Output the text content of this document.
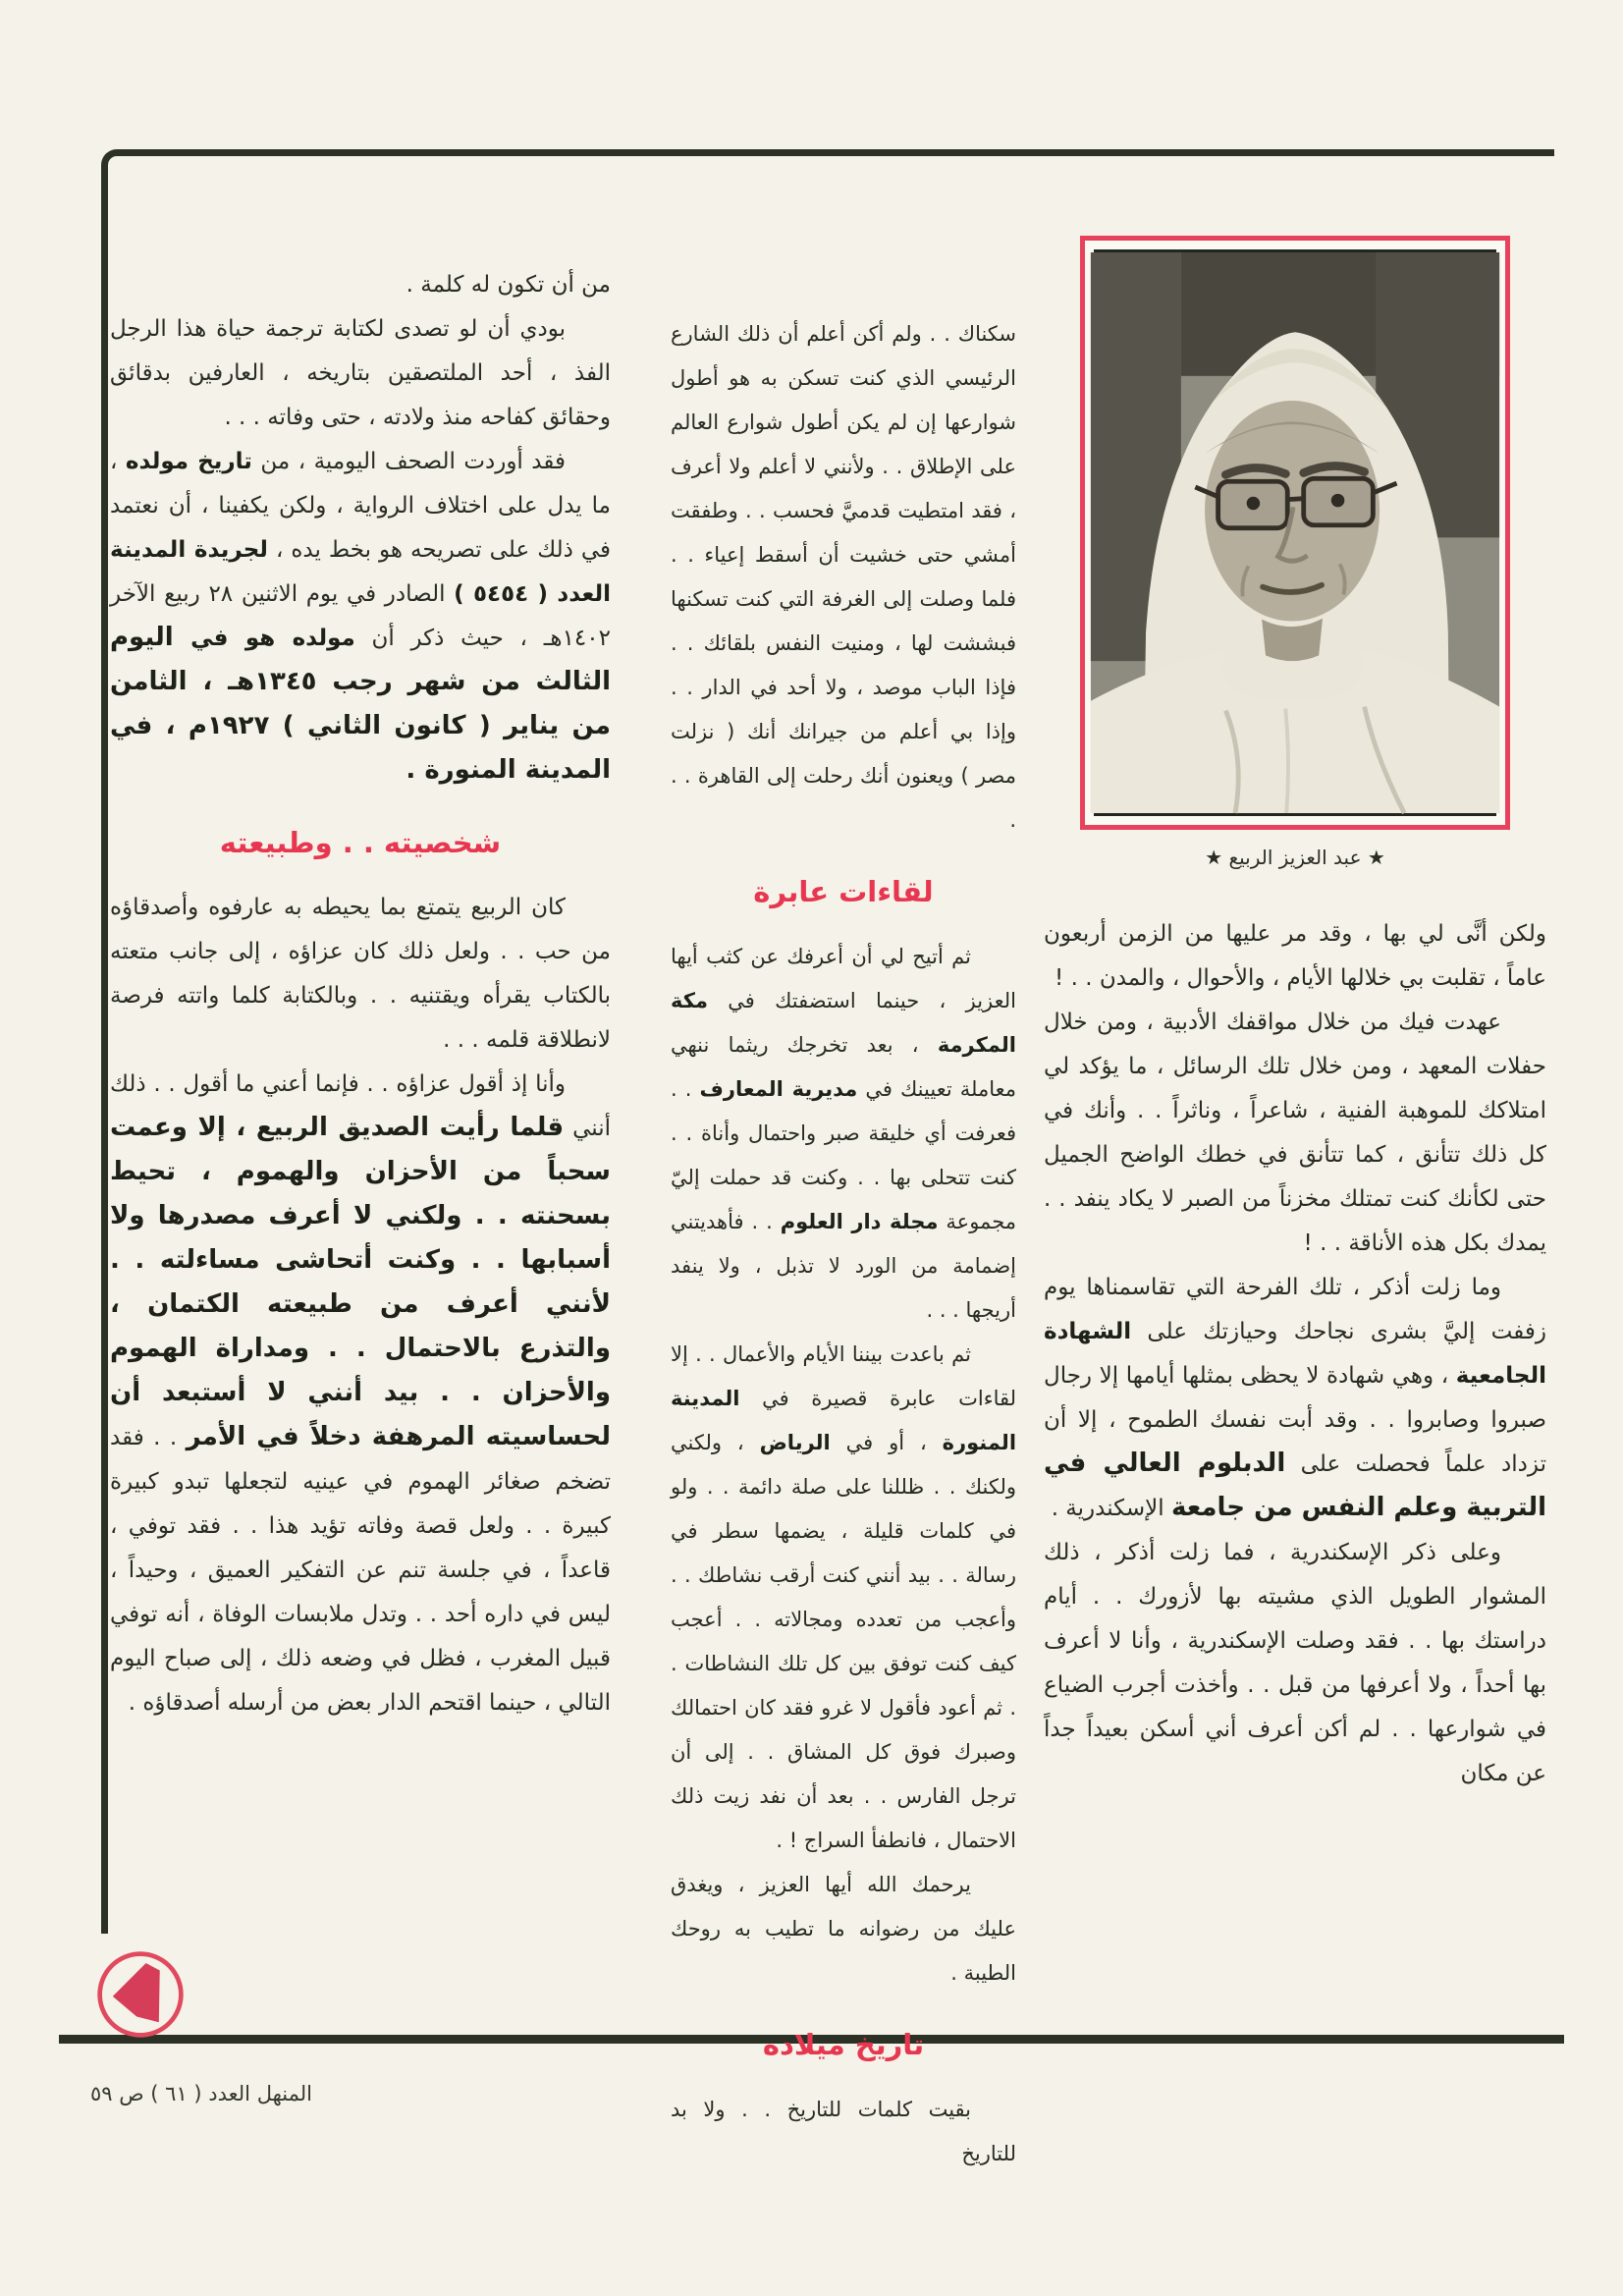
★ عبد العزيز الربيع ★

ولكن أنَّى لي بها ، وقد مر عليها من الزمن أربعون عاماً ، تقلبت بي خلالها الأيام ، والأحوال ، والمدن . . !

عهدت فيك من خلال مواقفك الأدبية ، ومن خلال حفلات المعهد ، ومن خلال تلك الرسائل ، ما يؤكد لي امتلاكك للموهبة الفنية ، شاعراً ، وناثراً . . وأنك في كل ذلك تتأنق ، كما تتأنق في خطك الواضح الجميل حتى لكأنك كنت تمتلك مخزناً من الصبر لا يكاد ينفد . . يمدك بكل هذه الأناقة . . !

وما زلت أذكر ، تلك الفرحة التي تقاسمناها يوم زففت إليَّ بشرى نجاحك وحيازتك على الشهادة الجامعية ، وهي شهادة لا يحظى بمثلها أيامها إلا رجال صبروا وصابروا . . وقد أبت نفسك الطموح ، إلا أن تزداد علماً فحصلت على الدبلوم العالي في التربية وعلم النفس من جامعة الإسكندرية .

وعلى ذكر الإسكندرية ، فما زلت أذكر ، ذلك المشوار الطويل الذي مشيته بها لأزورك . . أيام دراستك بها . . فقد وصلت الإسكندرية ، وأنا لا أعرف بها أحداً ، ولا أعرفها من قبل . . وأخذت أجرب الضياع في شوارعها . . لم أكن أعرف أني أسكن بعيداً جداً عن مكان

سكناك . . ولم أكن أعلم أن ذلك الشارع الرئيسي الذي كنت تسكن به هو أطول شوارعها إن لم يكن أطول شوارع العالم على الإطلاق . . ولأنني لا أعلم ولا أعرف ، فقد امتطيت قدميَّ فحسب . . وطفقت أمشي حتى خشيت أن أسقط إعياء . . فلما وصلت إلى الغرفة التي كنت تسكنها فبششت لها ، ومنيت النفس بلقائك . . فإذا الباب موصد ، ولا أحد في الدار . . وإذا بي أعلم من جيرانك أنك ( نزلت مصر ) ويعنون أنك رحلت إلى القاهرة . . .

لقاءات عابرة

ثم أتيح لي أن أعرفك عن كثب أيها العزيز ، حينما استضفتك في مكة المكرمة ، بعد تخرجك ريثما ننهي معاملة تعيينك في مديرية المعارف . . فعرفت أي خليقة صبر واحتمال وأناة . . كنت تتحلى بها . . وكنت قد حملت إليّ مجموعة مجلة دار العلوم . . فأهديتني إضمامة من الورد لا تذبل ، ولا ينفد أريجها . . .

ثم باعدت بيننا الأيام والأعمال . . إلا لقاءات عابرة قصيرة في المدينة المنورة ، أو في الرياض ، ولكني ولكنك . . ظللنا على صلة دائمة . . ولو في كلمات قليلة ، يضمها سطر في رسالة . . بيد أنني كنت أرقب نشاطك . . وأعجب من تعدده ومجالاته . . أعجب كيف كنت توفق بين كل تلك النشاطات . . ثم أعود فأقول لا غرو فقد كان احتمالك وصبرك فوق كل المشاق . . إلى أن ترجل الفارس . . بعد أن نفد زيت ذلك الاحتمال ، فانطفأ السراج ! .

يرحمك الله أيها العزيز ، ويغدق عليك من رضوانه ما تطيب به روحك الطيبة .

تاريخ ميلاده

بقيت كلمات للتاريخ . . ولا بد للتاريخ

من أن تكون له كلمة .

بودي أن لو تصدى لكتابة ترجمة حياة هذا الرجل الفذ ، أحد الملتصقين بتاريخه ، العارفين بدقائق وحقائق كفاحه منذ ولادته ، حتى وفاته . . .

فقد أوردت الصحف اليومية ، من تاريخ مولده ، ما يدل على اختلاف الرواية ، ولكن يكفينا ، أن نعتمد في ذلك على تصريحه هو بخط يده ، لجريدة المدينة العدد ( ٥٤٥٤ ) الصادر في يوم الاثنين ٢٨ ربيع الآخر ١٤٠٢هـ ، حيث ذكر أن مولده هو في اليوم الثالث من شهر رجب ١٣٤٥هـ ، الثامن من يناير ( كانون الثاني ) ١٩٢٧م ، في المدينة المنورة .

شخصيته . . وطبيعته

كان الربيع يتمتع بما يحيطه به عارفوه وأصدقاؤه من حب . . ولعل ذلك كان عزاؤه ، إلى جانب متعته بالكتاب يقرأه ويقتنيه . . وبالكتابة كلما واتته فرصة لانطلاقة قلمه . . .

وأنا إذ أقول عزاؤه . . فإنما أعني ما أقول . . ذلك أنني قلما رأيت الصديق الربيع ، إلا وعمت سحباً من الأحزان والهموم ، تحيط بسحنته . . ولكني لا أعرف مصدرها ولا أسبابها . . وكنت أتحاشى مساءلته . . لأنني أعرف من طبيعته الكتمان ، والتذرع بالاحتمال . . ومداراة الهموم والأحزان . . بيد أنني لا أستبعد أن لحساسيته المرهفة دخلاً في الأمر . . فقد تضخم صغائر الهموم في عينيه لتجعلها تبدو كبيرة كبيرة . . ولعل قصة وفاته تؤيد هذا . . فقد توفي ، قاعداً ، في جلسة تنم عن التفكير العميق ، وحيداً ، ليس في داره أحد . . وتدل ملابسات الوفاة ، أنه توفي قبيل المغرب ، فظل في وضعه ذلك ، إلى صباح اليوم التالي ، حينما اقتحم الدار بعض من أرسله أصدقاؤه .

المنهل العدد ( ٦١ ) ص ٥٩
